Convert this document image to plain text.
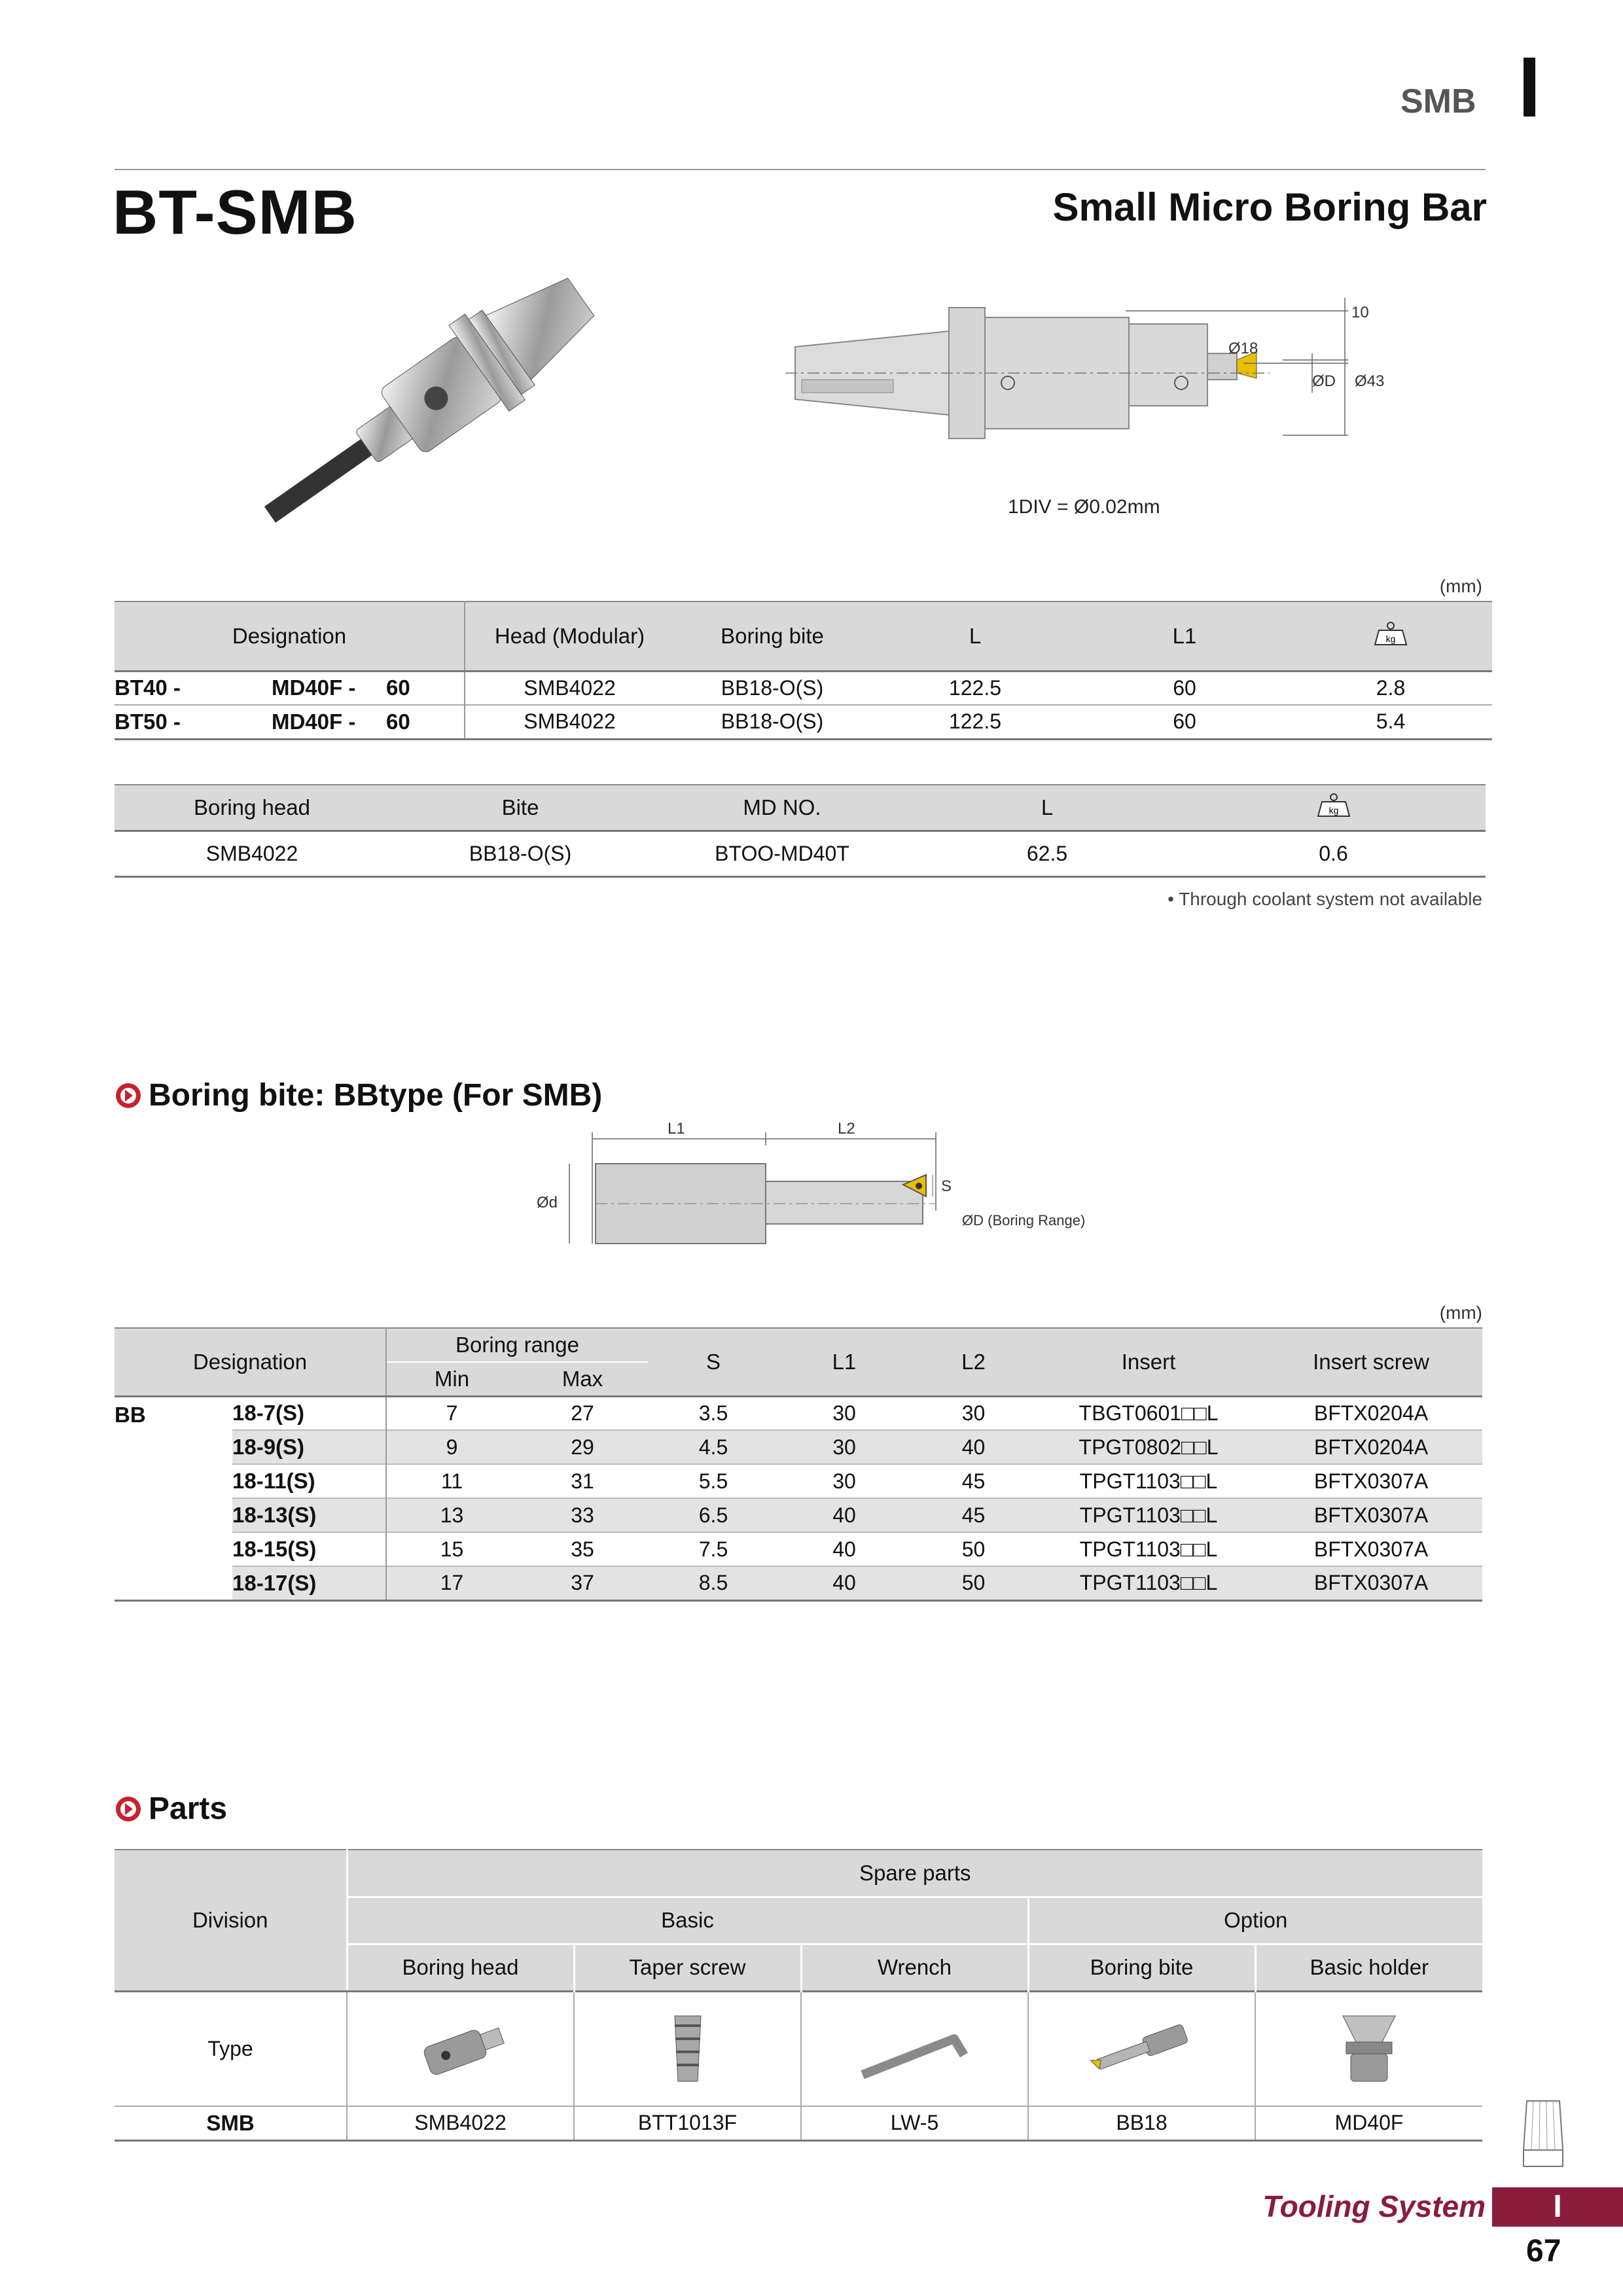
SMB
BT-SMB	Small Micro Boring Bar
10
Ø18
ØD Ø43
1DIV = Ø0.02mm
(mm)
Designation	Head (Modular)	Boring bite	L	L1	kg

BT40 - MD40F - 60	SMB4022	BB18-O(S)	122.5	60	2.8
BT50 - MD40F - 60	SMB4022	BB18-O(S)	122.5	60	5.4
Boring head	Bite	MD NO.	L	kg

SMB4022	BB18-O(S)	BTOO-MD40T	62.5	0.6
• Through coolant system not available
Boring bite: BBtype (For SMB)
L1	L2
Ød
S
ØD (Boring Range)
(mm)
Designation		Boring range		S	L1	L2	Insert	Insert screw
		Min	Max					
BB	18-7(S)	7	27	3.5	30	30	TBGT0601□□L	BFTX0204A
	18-9(S)	9	29	4.5	30	40	TPGT0802□□L	BFTX0204A
	18-11(S)	11	31	5.5	30	45	TPGT1103□□L	BFTX0307A
	18-13(S)	13	33	6.5	40	45	TPGT1103□□L	BFTX0307A
	18-15(S)	15	35	7.5	40	50	TPGT1103□□L	BFTX0307A
	18-17(S)	17	37	8.5	40	50	TPGT1103□□L	BFTX0307A
Parts
Division	Spare parts				
	Basic			Option	
	Boring head	Taper screw	Wrench	Boring bite	Basic holder
Type	

SMB	SMB4022	BTT1013F	LW-5	BB18	MD40F
Tooling System	I
67
